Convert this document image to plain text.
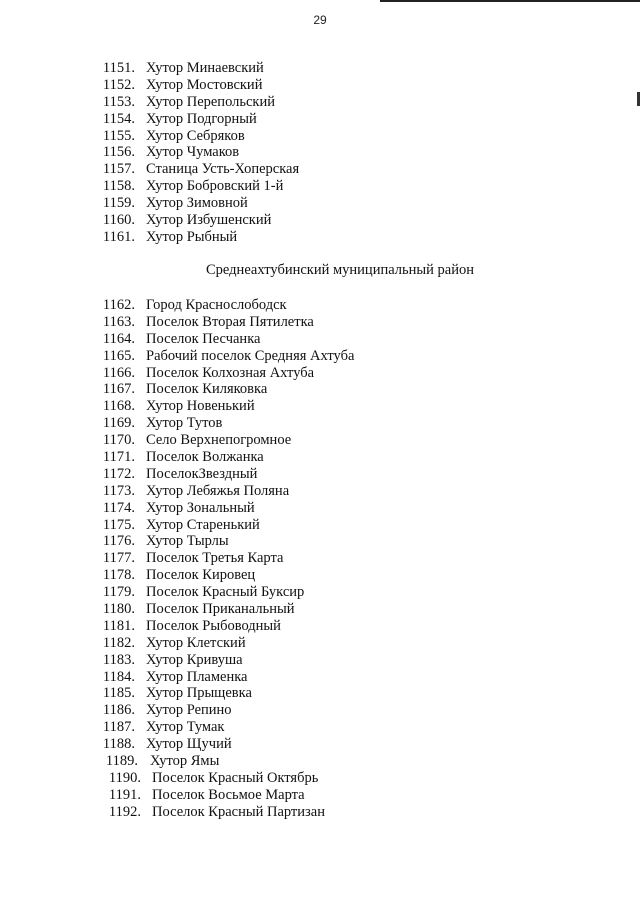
29
1151. Хутор Минаевский
1152. Хутор Мостовский
1153. Хутор Перепольский
1154. Хутор Подгорный
1155. Хутор Себряков
1156. Хутор Чумаков
1157. Станица Усть-Хоперская
1158. Хутор Бобровский 1-й
1159. Хутор Зимовной
1160. Хутор Избушенский
1161. Хутор Рыбный
Среднеахтубинский муниципальный район
1162. Город Краснослободск
1163. Поселок Вторая Пятилетка
1164. Поселок Песчанка
1165. Рабочий поселок Средняя Ахтуба
1166. Поселок Колхозная Ахтуба
1167. Поселок Киляковка
1168. Хутор Новенький
1169. Хутор Тутов
1170. Село Верхнепогромное
1171. Поселок Волжанка
1172. ПоселокЗвездный
1173. Хутор Лебяжья Поляна
1174. Хутор Зональный
1175. Хутор Старенький
1176. Хутор Тырлы
1177. Поселок Третья Карта
1178. Поселок Кировец
1179. Поселок Красный Буксир
1180. Поселок Приканальный
1181. Поселок Рыбоводный
1182. Хутор Клетский
1183. Хутор Кривуша
1184. Хутор Пламенка
1185. Хутор Прыщевка
1186. Хутор Репино
1187. Хутор Тумак
1188. Хутор Щучий
1189. Хутор Ямы
1190. Поселок Красный Октябрь
1191. Поселок Восьмое Марта
1192. Поселок Красный Партизан
